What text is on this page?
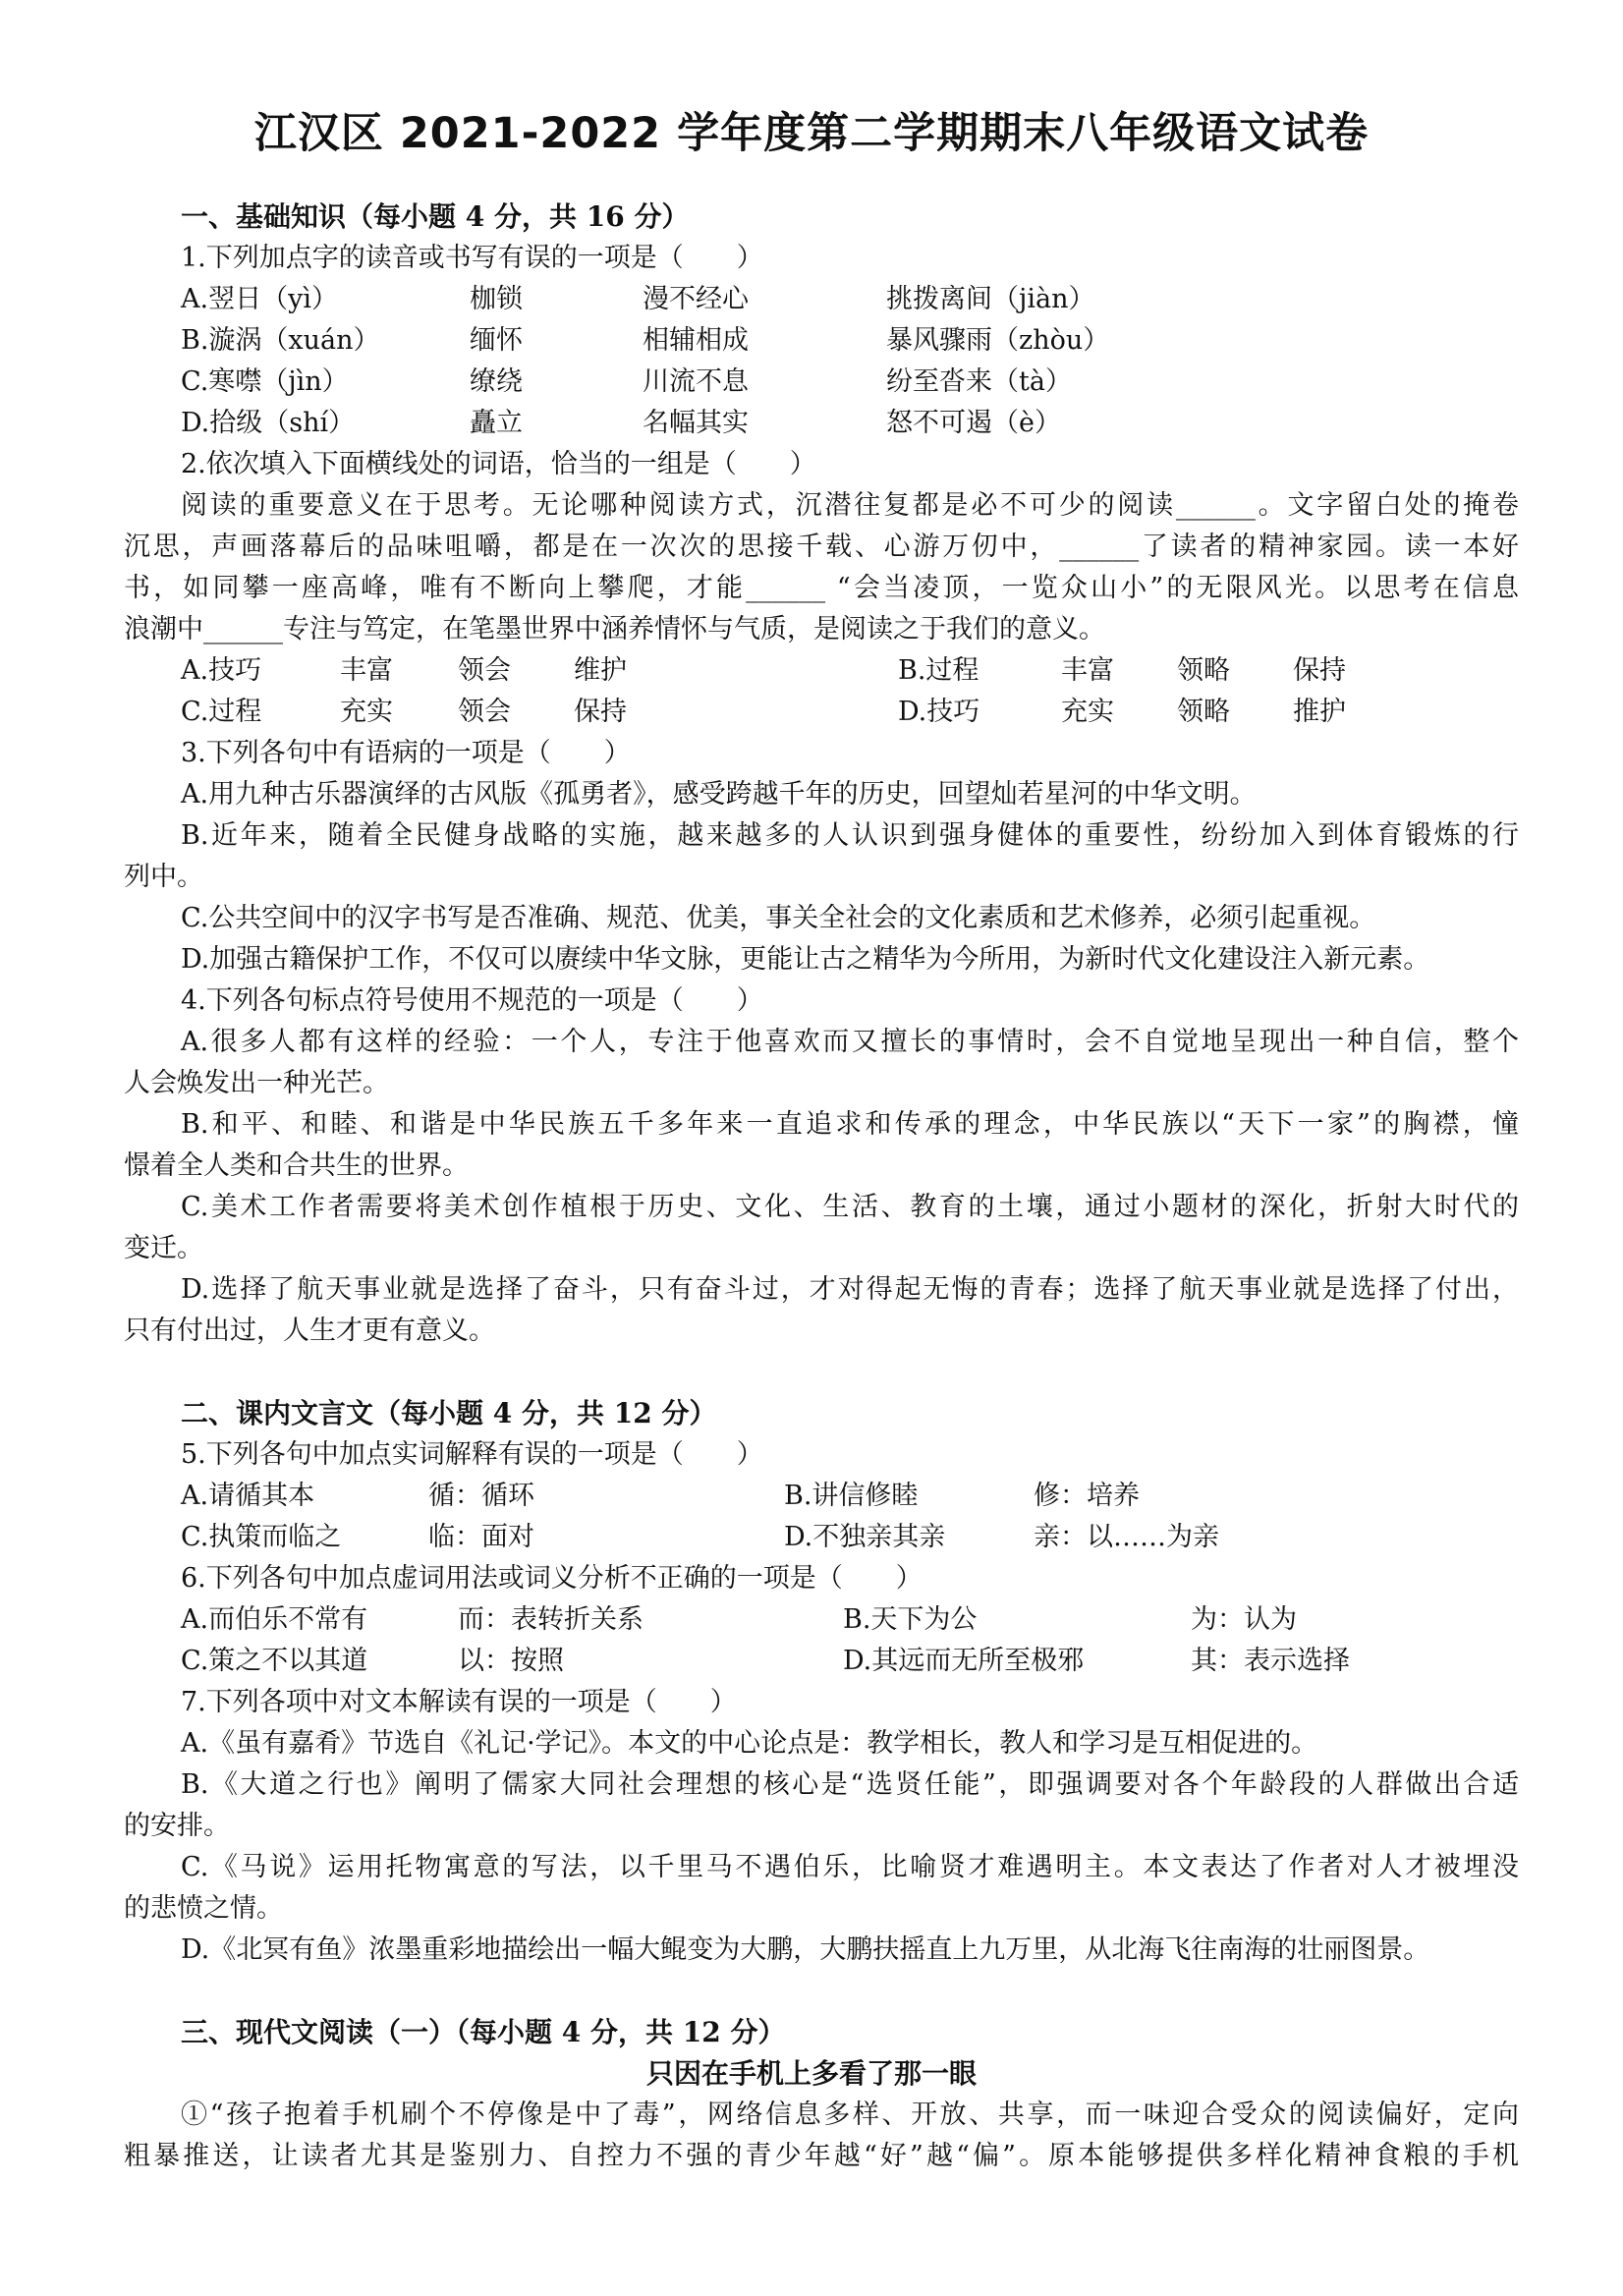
江汉区 2021-2022 学年度第二学期期末八年级语文试卷
一、基础知识（每小题 4 分，共 16 分）
1.下列加点字的读音或书写有误的一项是（　　）
A.翌日（yì）	枷锁	漫不经心	挑拨离间（jiàn）
B.漩涡（xuán）	缅怀	相辅相成	暴风骤雨（zhòu）
C.寒噤（jìn）	缭绕	川流不息	纷至沓来（tà）
D.拾级（shí）	矗立	名幅其实	怒不可遏（è）
2.依次填入下面横线处的词语，恰当的一组是（　　）
阅读的重要意义在于思考。无论哪种阅读方式，沉潜往复都是必不可少的阅读______。文字留白处的掩卷
沉思，声画落幕后的品味咀嚼，都是在一次次的思接千载、心游万仞中，______了读者的精神家园。读一本好
书，如同攀一座高峰，唯有不断向上攀爬，才能______ “会当凌顶，一览众山小”的无限风光。以思考在信息
浪潮中______专注与笃定，在笔墨世界中涵养情怀与气质，是阅读之于我们的意义。
A.技巧	丰富 领会 维护	B.过程	丰富 领略 保持
C.过程	充实 领会 保持	D.技巧	充实 领略 推护
3.下列各句中有语病的一项是（　　）
A.用九种古乐器演绎的古风版《孤勇者》，感受跨越千年的历史，回望灿若星河的中华文明。
B.近年来，随着全民健身战略的实施，越来越多的人认识到强身健体的重要性，纷纷加入到体育锻炼的行
列中。
C.公共空间中的汉字书写是否准确、规范、优美，事关全社会的文化素质和艺术修养，必须引起重视。
D.加强古籍保护工作，不仅可以赓续中华文脉，更能让古之精华为今所用，为新时代文化建设注入新元素。
4.下列各句标点符号使用不规范的一项是（　　）
A.很多人都有这样的经验：一个人，专注于他喜欢而又擅长的事情时，会不自觉地呈现出一种自信，整个
人会焕发出一种光芒。
B.和平、和睦、和谐是中华民族五千多年来一直追求和传承的理念，中华民族以“天下一家”的胸襟，憧
憬着全人类和合共生的世界。
C.美术工作者需要将美术创作植根于历史、文化、生活、教育的土壤，通过小题材的深化，折射大时代的
变迁。
D.选择了航天事业就是选择了奋斗，只有奋斗过，才对得起无悔的青春；选择了航天事业就是选择了付出，
只有付出过，人生才更有意义。
二、课内文言文（每小题 4 分，共 12 分）
5.下列各句中加点实词解释有误的一项是（　　）
A.请循其本	循：循环	B.讲信修睦	修：培养
C.执策而临之	临：面对	D.不独亲其亲	亲：以……为亲
6.下列各句中加点虚词用法或词义分析不正确的一项是（　　）
A.而伯乐不常有	而：表转折关系	B.天下为公	为：认为
C.策之不以其道	以：按照	D.其远而无所至极邪	其：表示选择
7.下列各项中对文本解读有误的一项是（　　）
A.《虽有嘉肴》节选自《礼记·学记》。本文的中心论点是：教学相长，教人和学习是互相促进的。
B.《大道之行也》阐明了儒家大同社会理想的核心是“选贤任能”，即强调要对各个年龄段的人群做出合适
的安排。
C.《马说》运用托物寓意的写法，以千里马不遇伯乐，比喻贤才难遇明主。本文表达了作者对人才被埋没
的悲愤之情。
D.《北冥有鱼》浓墨重彩地描绘出一幅大鲲变为大鹏，大鹏扶摇直上九万里，从北海飞往南海的壮丽图景。
三、现代文阅读（一）（每小题 4 分，共 12 分）
只因在手机上多看了那一眼
①“孩子抱着手机刷个不停像是中了毒”，网络信息多样、开放、共享，而一味迎合受众的阅读偏好，定向
粗暴推送，让读者尤其是鉴别力、自控力不强的青少年越“好”越“偏”。原本能够提供多样化精神食粮的手机
